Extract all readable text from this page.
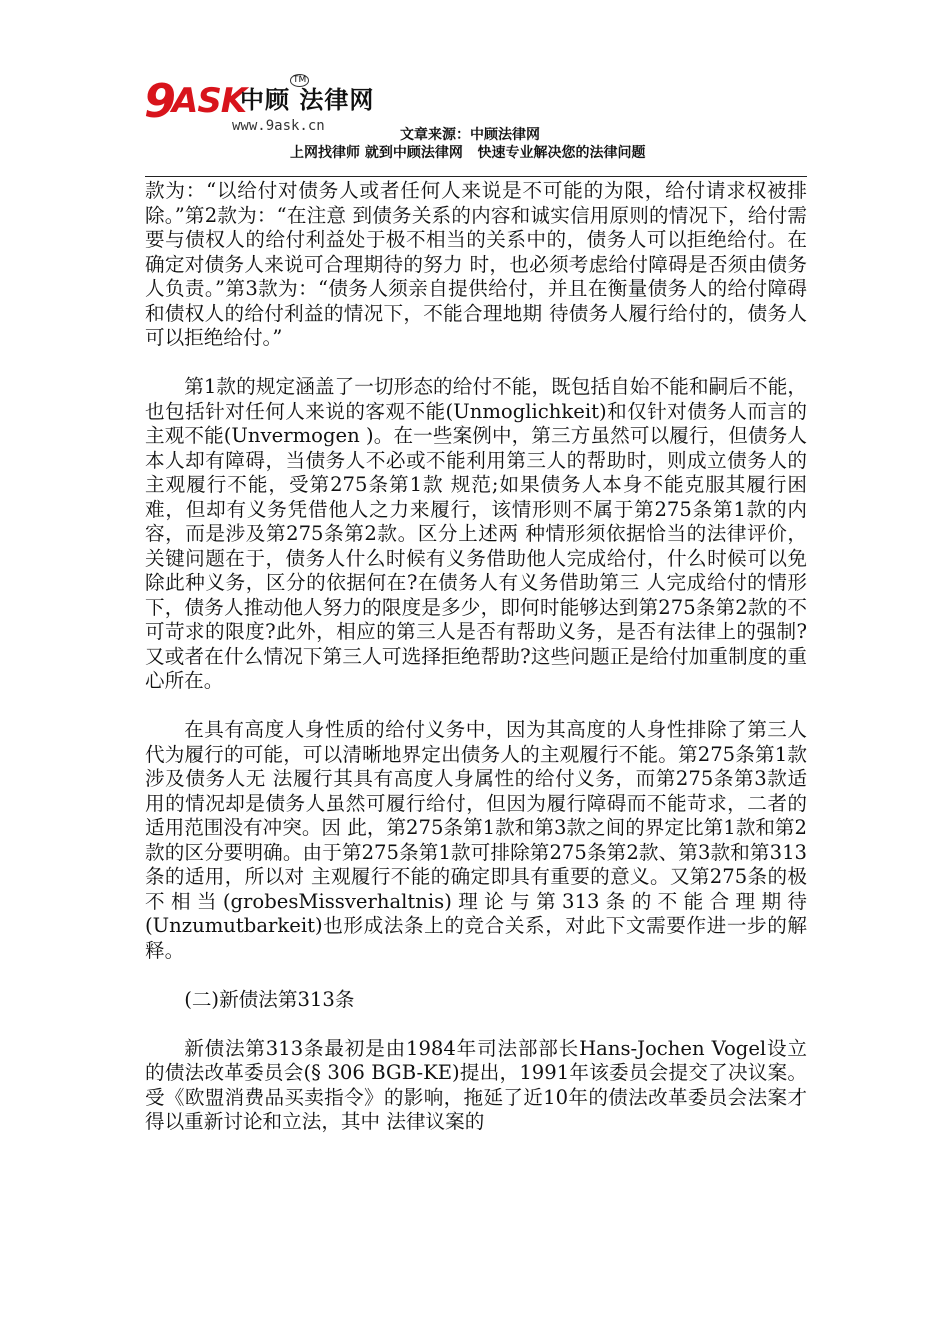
9
ASK
中顾 法律网
TM
www.9ask.cn
文章来源：中顾法律网
上网找律师 就到中顾法律网   快速专业解决您的法律问题

款为：“以给付对债务人或者任何人来说是不可能的为限，给付请求权被排除。”第2款为：“在注意 到债务关系的内容和诚实信用原则的情况下，给付需要与债权人的给付利益处于极不相当的关系中的，债务人可以拒绝给付。在确定对债务人来说可合理期待的努力 时，也必须考虑给付障碍是否须由债务人负责。”第3款为：“债务人须亲自提供给付，并且在衡量债务人的给付障碍和债权人的给付利益的情况下，不能合理地期 待债务人履行给付的，债务人可以拒绝给付。”

第1款的规定涵盖了一切形态的给付不能，既包括自始不能和嗣后不能，也包括针对任何人来说的客观不能(Unmoglichkeit)和仅针对债务人而言的 主观不能(Unvermogen )。在一些案例中，第三方虽然可以履行，但债务人本人却有障碍，当债务人不必或不能利用第三人的帮助时，则成立债务人的主观履行不能，受第275条第1款 规范;如果债务人本身不能克服其履行困难，但却有义务凭借他人之力来履行，该情形则不属于第275条第1款的内容，而是涉及第275条第2款。区分上述两 种情形须依据恰当的法律评价，关键问题在于，债务人什么时候有义务借助他人完成给付，什么时候可以免除此种义务，区分的依据何在?在债务人有义务借助第三 人完成给付的情形下，债务人推动他人努力的限度是多少，即何时能够达到第275条第2款的不可苛求的限度?此外，相应的第三人是否有帮助义务，是否有法律上的强制?又或者在什么情况下第三人可选择拒绝帮助?这些问题正是给付加重制度的重心所在。

在具有高度人身性质的给付义务中，因为其高度的人身性排除了第三人代为履行的可能，可以清晰地界定出债务人的主观履行不能。第275条第1款涉及债务人无 法履行其具有高度人身属性的给付义务，而第275条第3款适用的情况却是债务人虽然可履行给付，但因为履行障碍而不能苛求，二者的适用范围没有冲突。因 此，第275条第1款和第3款之间的界定比第1款和第2款的区分要明确。由于第275条第1款可排除第275条第2款、第3款和第313条的适用，所以对 主观履行不能的确定即具有重要的意义。又第275条的极不相当(grobesMissverhaltnis)理论与第313条的不能合理期待(Unzumutbarkeit)也形成法条上的竞合关系，对此下文需要作进一步的解释。

(二)新债法第313条

新债法第313条最初是由1984年司法部部长Hans-Jochen Vogel设立的债法改革委员会(§ 306 BGB-KE)提出，1991年该委员会提交了决议案。受《欧盟消费品买卖指令》的影响，拖延了近10年的债法改革委员会法案才得以重新讨论和立法，其中 法律议案的
